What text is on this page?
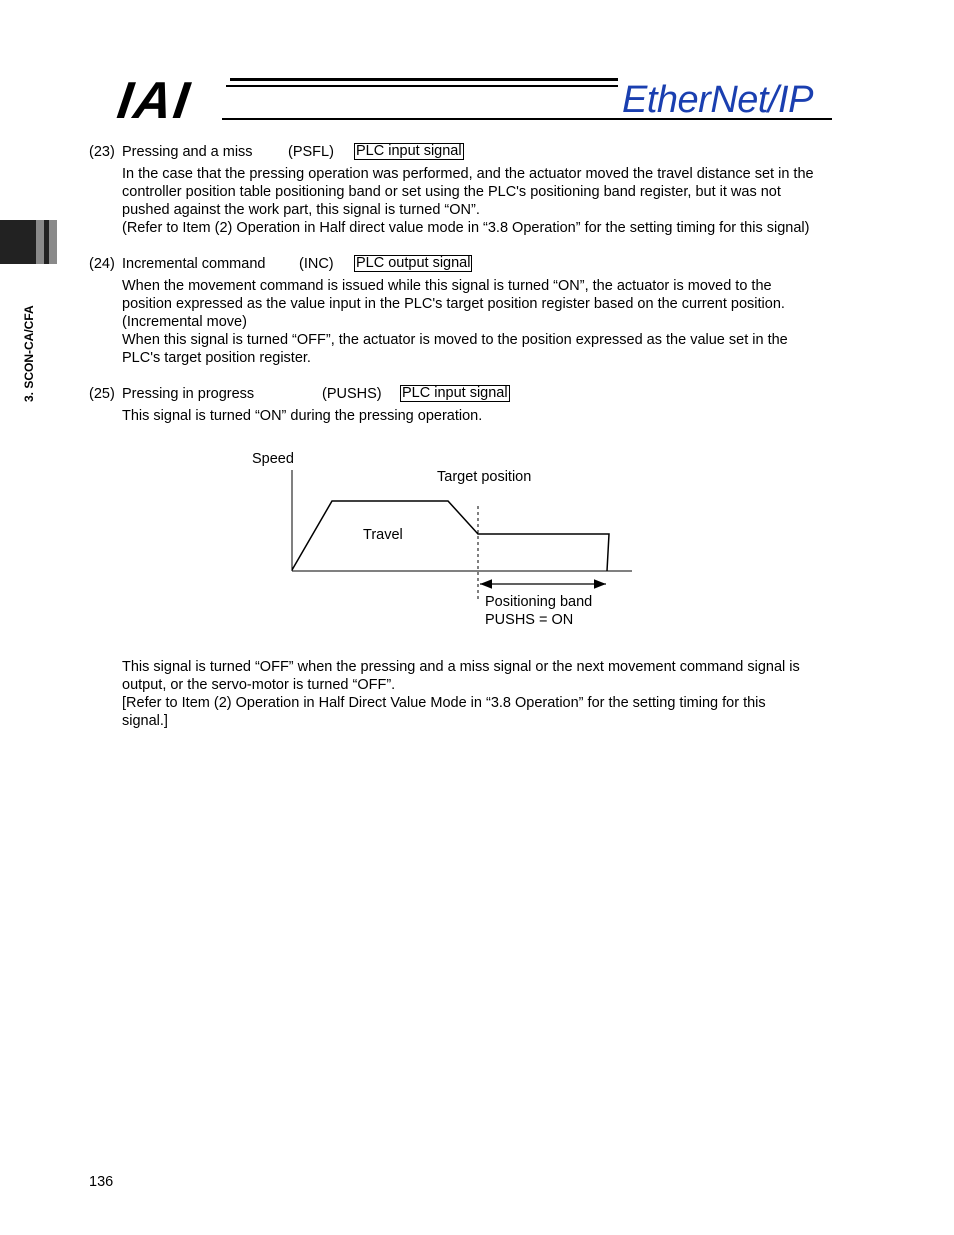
IAI	EtherNet/IP
3. SCON-CA/CFA
(23) Pressing and a miss (PSFL) PLC input signal
In the case that the pressing operation was performed, and the actuator moved the travel distance set in the
controller position table positioning band or set using the PLC's positioning band register, but it was not
pushed against the work part, this signal is turned “ON”.
(Refer to Item (2) Operation in Half direct value mode in “3.8 Operation” for the setting timing for this signal)
(24) Incremental command (INC) PLC output signal
When the movement command is issued while this signal is turned “ON”, the actuator is moved to the
position expressed as the value input in the PLC's target position register based on the current position.
(Incremental move)
When this signal is turned “OFF”, the actuator is moved to the position expressed as the value set in the
PLC's target position register.
(25) Pressing in progress	(PUSHS) PLC input signal
This signal is turned “ON” during the pressing operation.
Speed
Target position
Travel
Positioning band
PUSHS = ON
This signal is turned “OFF” when the pressing and a miss signal or the next movement command signal is
output, or the servo-motor is turned “OFF”.
[Refer to Item (2) Operation in Half Direct Value Mode in “3.8 Operation” for the setting timing for this
signal.]
136
